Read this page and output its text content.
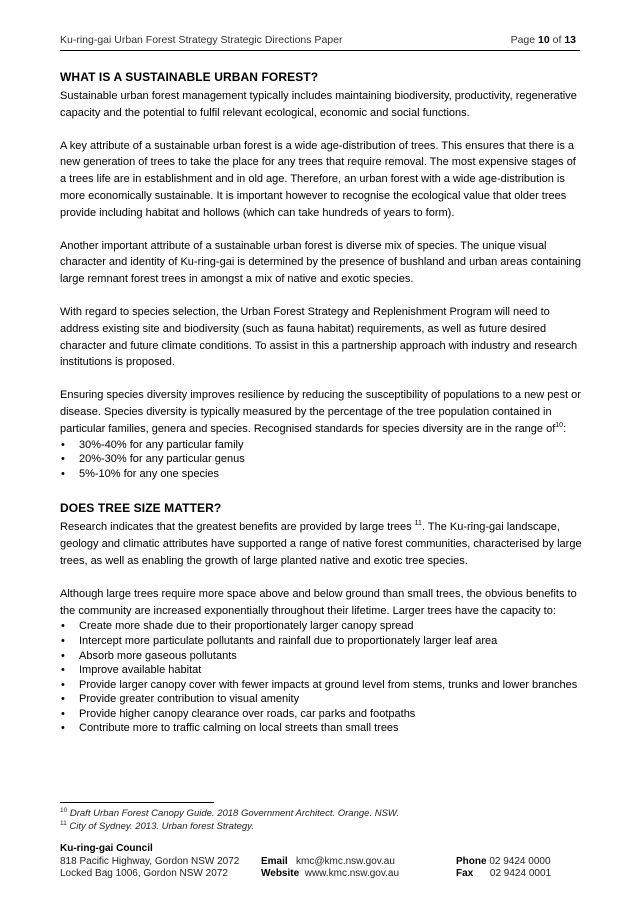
Ku-ring-gai Urban Forest Strategy Strategic Directions Paper	Page 10 of 13
WHAT IS A SUSTAINABLE URBAN FOREST?

Sustainable urban forest management typically includes maintaining biodiversity, productivity, regenerative capacity and the potential to fulfil relevant ecological, economic and social functions.

A key attribute of a sustainable urban forest is a wide age-distribution of trees. This ensures that there is a new generation of trees to take the place for any trees that require removal. The most expensive stages of a trees life are in establishment and in old age. Therefore, an urban forest with a wide age-distribution is more economically sustainable. It is important however to recognise the ecological value that older trees provide including habitat and hollows (which can take hundreds of years to form).

Another important attribute of a sustainable urban forest is diverse mix of species. The unique visual character and identity of Ku-ring-gai is determined by the presence of bushland and urban areas containing large remnant forest trees in amongst a mix of native and exotic species.

With regard to species selection, the Urban Forest Strategy and Replenishment Program will need to address existing site and biodiversity (such as fauna habitat) requirements, as well as future desired character and future climate conditions. To assist in this a partnership approach with industry and research institutions is proposed.

Ensuring species diversity improves resilience by reducing the susceptibility of populations to a new pest or disease. Species diversity is typically measured by the percentage of the tree population contained in particular families, genera and species. Recognised standards for species diversity are in the range $of^{10}$:

• 30%-40% for any particular family
• 20%-30% for any particular genus
• 5%-10% for any one species
DOES TREE SIZE MATTER?

Research indicates that the greatest benefits are provided by large trees $^{11}$. The Ku-ring-gai landscape, geology and climatic attributes have supported a range of native forest communities, characterised by large trees, as well as enabling the growth of large planted native and exotic tree species.

Although large trees require more space above and below ground than small trees, the obvious benefits to the community are increased exponentially throughout their lifetime. Larger trees have the capacity to:

• Create more shade due to their proportionately larger canopy spread
• Intercept more particulate pollutants and rainfall due to proportionately larger leaf area
• Absorb more gaseous pollutants
• Improve available habitat
• Provide larger canopy cover with fewer impacts at ground level from stems, trunks and lower branches
• Provide greater contribution to visual amenity
• Provide higher canopy clearance over roads, car parks and footpaths
• Contribute more to traffic calming on local streets than small trees
$^{10}$ Draft Urban Forest Canopy Guide. 2018 Government Architect. Orange. NSW.
$^{11}$ City of Sydney. 2013. Urban forest Strategy.
Ku-ring-gai Council
818 Pacific Highway, Gordon NSW 2072 Email kmc@kmc.nsw.gov.au	Phone 02 9424 0000
Locked Bag 1006, Gordon NSW 2072	Website www.kmc.nsw.gov.au	Fax 02 9424 0001
